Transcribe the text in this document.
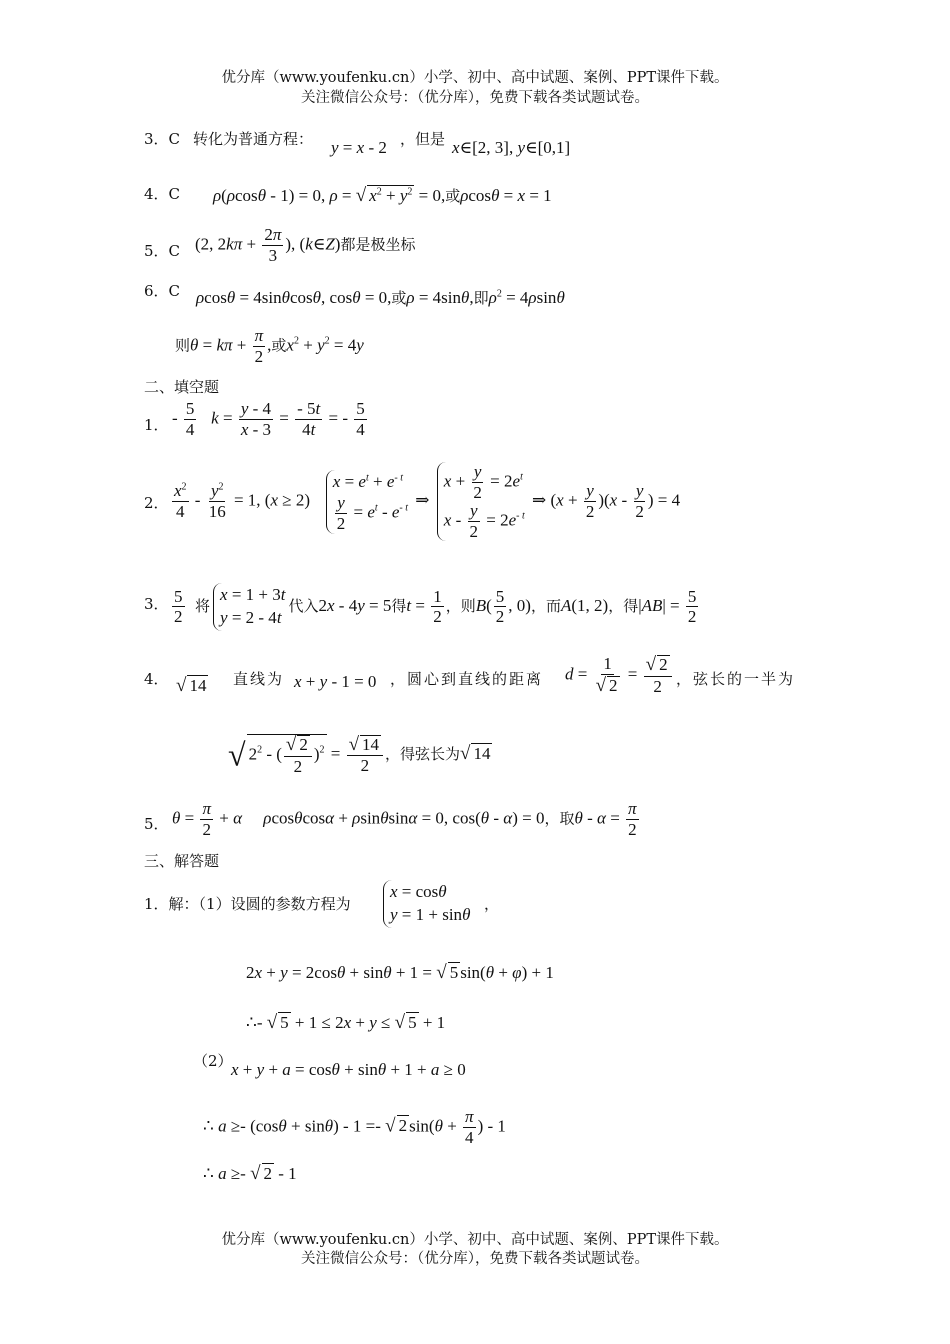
优分库（www.youfenku.cn）小学、初中、高中试题、案例、PPT课件下载。
关注微信公众号：（优分库），免费下载各类试题试卷。
3．C 转化为普通方程： y = x - 2 ，但是 x∈[2, 3], y∈[0,1]
4．C ρ(ρcosθ - 1) = 0, ρ = √ $x^2 + y^2 = 0$,或ρcosθ = x = 1
5．C (2, $2k\pi + \frac{2\pi}{3}$ ), (k∈Z)都是极坐标
6．C ρcosθ = 4sinθcosθ, cosθ = 0,或ρ = 4sinθ,即$\rho^2 = 4\rho\sin\theta$
则$\theta = k\pi + \frac{\pi}{2}$ ,或$x^2 + y^2 = 4y$
二、填空题
1． - $\frac{5}{4}$ $k = \frac{y - 4}{x - 3} = \frac{- 5t}{4t}$ = - $\frac{5}{4}$
2． $\frac{x^2}{4} - \frac{y^2}{16} = 1$, (x ≥ 2)
$x = e^t + e^{- t}$
$\frac{y}{2} = e^t - e^{- t}$ ⇒
$x + \frac{y}{2} = 2e^t$
$x - \frac{y}{2} = 2e^{- t}$
⇒ $(x + \frac{y}{2} )(x - \frac{y}{2}$ ) = 4
3． $\frac{5}{2}$ 将
x = 1 + 3t
y = 2 - 4t
代入2x - 4y = 5得$t = \frac{1}{2}$ ，则$B( \frac{5}{2}$ , 0)，而A(1, 2)，得$|AB| = \frac{5}{2}$
4． √ 14 直线为 x + y - 1 = 0 ，圆心到直线的距离 $d = \frac{1}{√ 2} = \frac{√ 2}{2}$ ，弦长的一半为
√ $2^2$ - ( $\frac{√ 2}{2} )^2 = \frac{√ 14}{2}$ ，得弦长为√ 14
5． $\theta = \frac{\pi}{2} + \alpha$ ρcosθcosα + ρsinθsinα = 0, cos(θ - α) = 0，取$\theta - \alpha = \frac{\pi}{2}$
三、解答题
1．解：（1）设圆的参数方程为
x = cosθ
y = 1 + sinθ
，
2x + y = 2cosθ + sinθ + 1 = √ 5 sin(θ + φ) + 1
∴- √ 5 + 1 ≤ 2x + y ≤ √ 5 + 1
（2）
x + y + a = cosθ + sinθ + 1 + a ≥ 0
∴ a ≥- (cosθ + sinθ) - 1 =- √ 2 $\sin(\theta + \frac{\pi}{4}$ ) - 1
∴ a ≥- √ 2 - 1
优分库（www.youfenku.cn）小学、初中、高中试题、案例、PPT课件下载。
关注微信公众号：（优分库），免费下载各类试题试卷。
